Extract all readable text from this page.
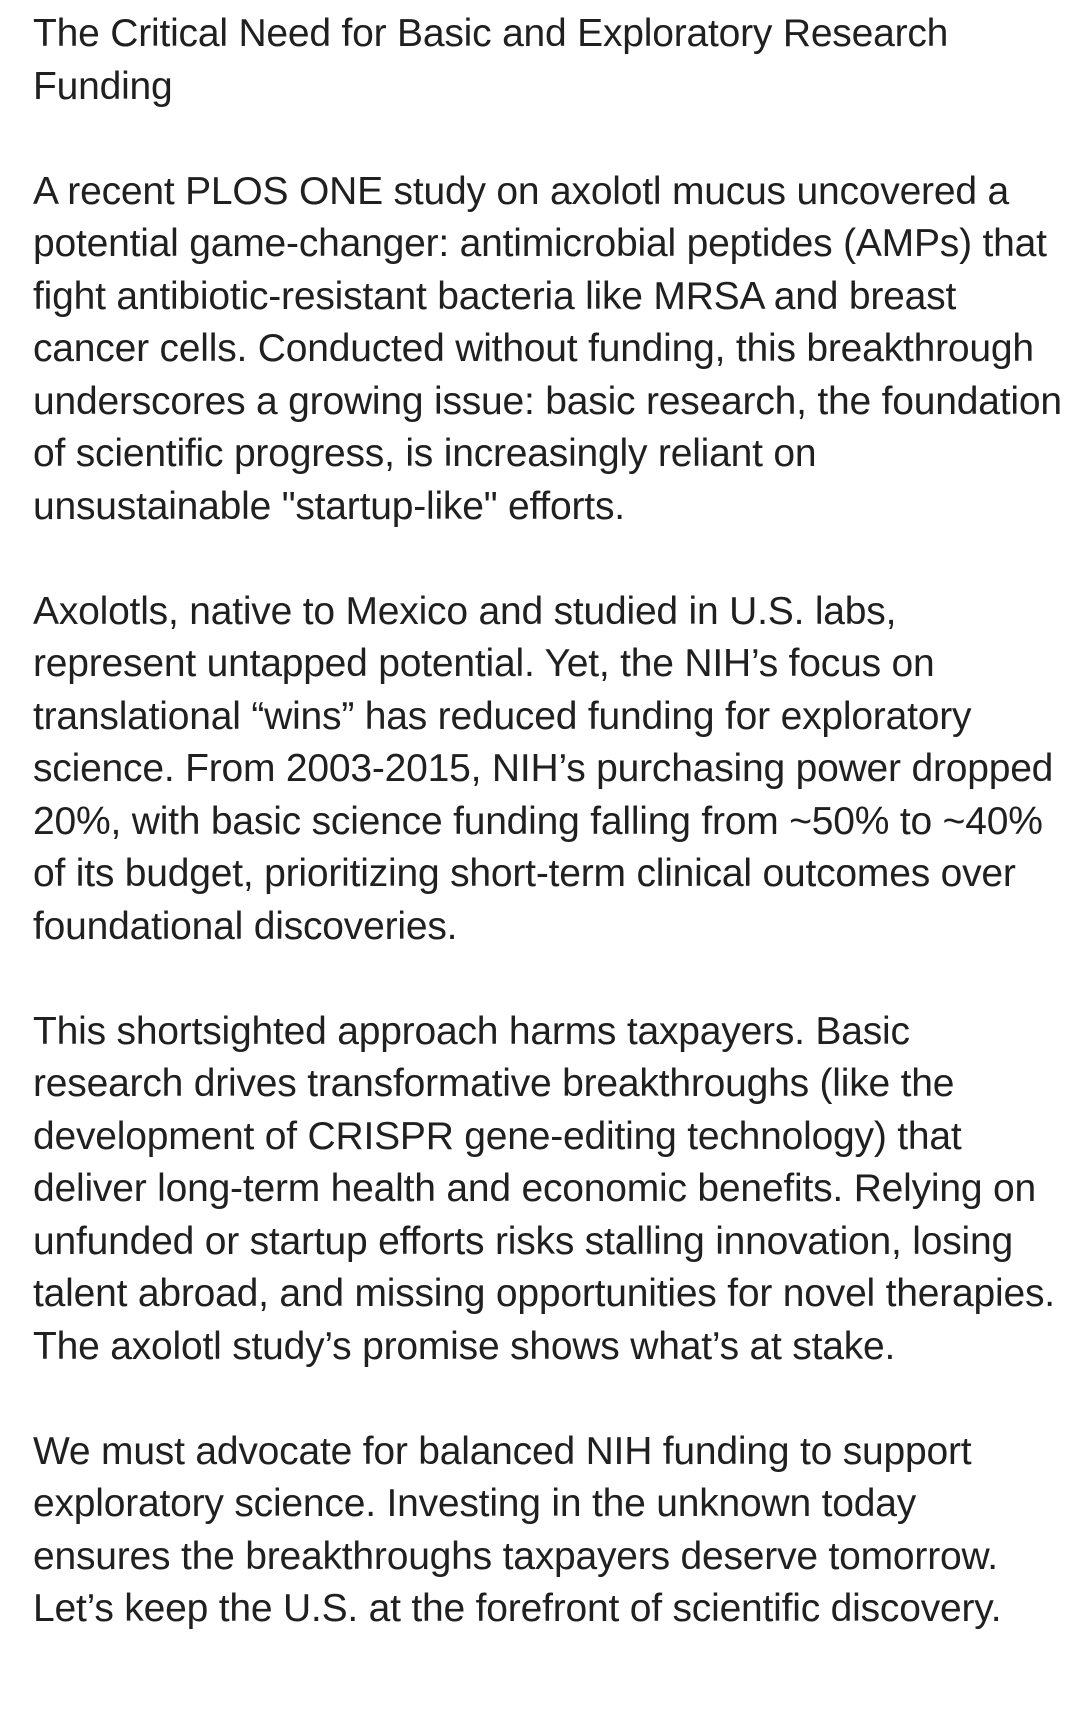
The Critical Need for Basic and Exploratory Research Funding

A recent PLOS ONE study on axolotl mucus uncovered a potential game-changer: antimicrobial peptides (AMPs) that fight antibiotic-resistant bacteria like MRSA and breast cancer cells. Conducted without funding, this breakthrough underscores a growing issue: basic research, the foundation of scientific progress, is increasingly reliant on unsustainable "startup-like" efforts.

Axolotls, native to Mexico and studied in U.S. labs, represent untapped potential. Yet, the NIH’s focus on translational “wins” has reduced funding for exploratory science. From 2003-2015, NIH’s purchasing power dropped 20%, with basic science funding falling from ~50% to ~40% of its budget, prioritizing short-term clinical outcomes over foundational discoveries.

This shortsighted approach harms taxpayers. Basic research drives transformative breakthroughs (like the development of CRISPR gene-editing technology) that deliver long-term health and economic benefits. Relying on unfunded or startup efforts risks stalling innovation, losing talent abroad, and missing opportunities for novel therapies. The axolotl study’s promise shows what’s at stake.

We must advocate for balanced NIH funding to support exploratory science. Investing in the unknown today ensures the breakthroughs taxpayers deserve tomorrow. Let’s keep the U.S. at the forefront of scientific discovery.
